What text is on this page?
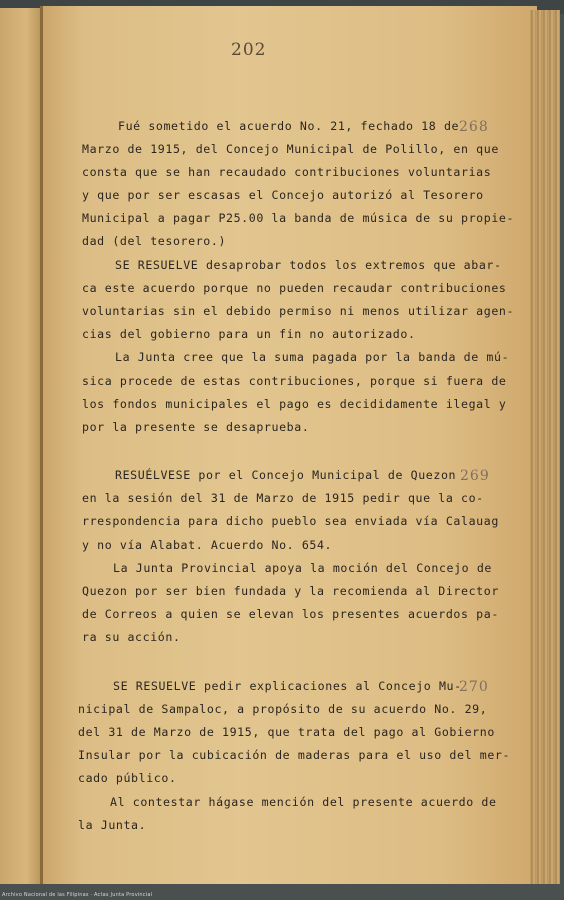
Archivo Nacional de las Filipinas · Actas Junta Provincial
202
268
Fué sometido el acuerdo No. 21, fechado 18 de
Marzo de 1915, del Concejo Municipal de Polillo, en que
consta que se han recaudado contribuciones voluntarias
y que por ser escasas el Concejo autorizó al Tesorero
Municipal a pagar P25.00 la banda de música de su propie-
dad (del tesorero.)
SE RESUELVE desaprobar todos los extremos que abar-
ca este acuerdo porque no pueden recaudar contribuciones
voluntarias sin el debido permiso ni menos utilizar agen-
cias del gobierno para un fin no autorizado.
La Junta cree que la suma pagada por la banda de mú-
sica procede de estas contribuciones, porque si fuera de
los fondos municipales el pago es decididamente ilegal y
por la presente se desaprueba.
269
RESUÉLVESE por el Concejo Municipal de Quezon
en la sesión del 31 de Marzo de 1915 pedir que la co-
rrespondencia para dicho pueblo sea enviada vía Calauag
y no vía Alabat. Acuerdo No. 654.
La Junta Provincial apoya la moción del Concejo de
Quezon por ser bien fundada y la recomienda al Director
de Correos a quien se elevan los presentes acuerdos pa-
ra su acción.
270
SE RESUELVE pedir explicaciones al Concejo Mu-
nicipal de Sampaloc, a propósito de su acuerdo No. 29,
del 31 de Marzo de 1915, que trata del pago al Gobierno
Insular por la cubicación de maderas para el uso del mer-
cado público.
Al contestar hágase mención del presente acuerdo de
la Junta.
